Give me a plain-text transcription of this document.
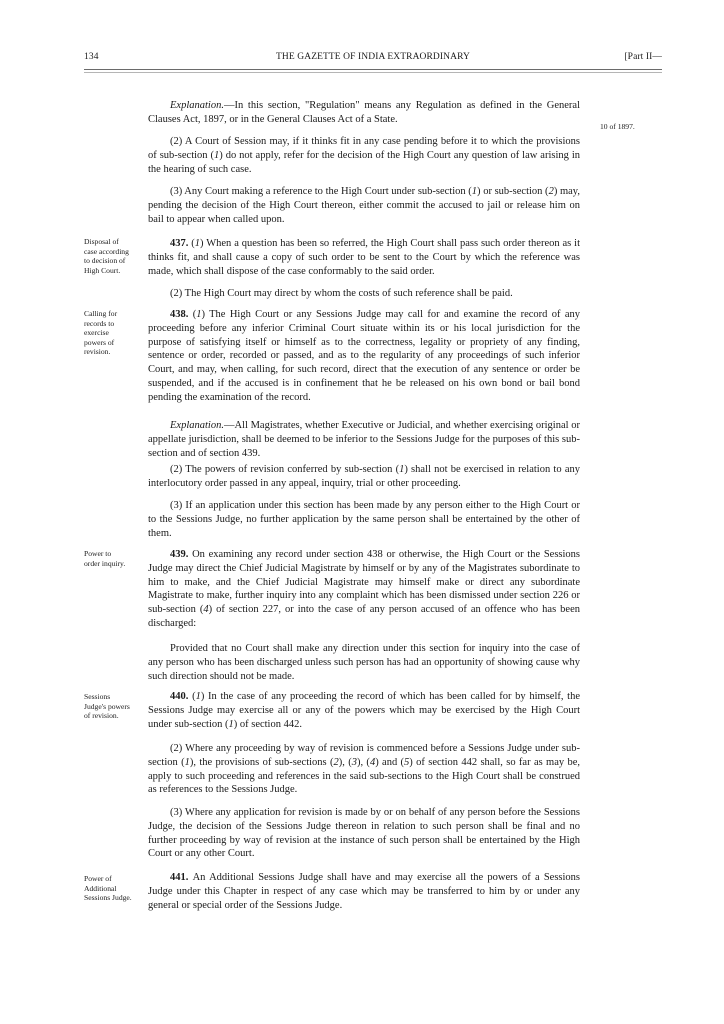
134	THE GAZETTE OF INDIA EXTRAORDINARY	[Part II—

10 of 1897.

Disposal of
case according
to decision of
High Court.

Calling for
records to
exercise
powers of
revision.

Power to
order inquiry.

Sessions
Judge's powers
of revision.

Power of
Additional
Sessions Judge.

Explanation.—In this section, "Regulation" means any Regulation as defined in the General Clauses Act, 1897, or in the General Clauses Act of a State.

(2) A Court of Session may, if it thinks fit in any case pending before it to which the provisions of sub-section (1) do not apply, refer for the decision of the High Court any question of law arising in the hearing of such case.

(3) Any Court making a reference to the High Court under sub-section (1) or sub-section (2) may, pending the decision of the High Court thereon, either commit the accused to jail or release him on bail to appear when called upon.

437. (1) When a question has been so referred, the High Court shall pass such order thereon as it thinks fit, and shall cause a copy of such order to be sent to the Court by which the reference was made, which shall dispose of the case conformably to the said order.

(2) The High Court may direct by whom the costs of such reference shall be paid.

438. (1) The High Court or any Sessions Judge may call for and examine the record of any proceeding before any inferior Criminal Court situate within its or his local jurisdiction for the purpose of satisfying itself or himself as to the correctness, legality or propriety of any finding, sentence or order, recorded or passed, and as to the regularity of any proceedings of such inferior Court, and may, when calling, for such record, direct that the execution of any sentence or order be suspended, and if the accused is in confinement that he be released on his own bond or bail bond pending the examination of the record.

Explanation.—All Magistrates, whether Executive or Judicial, and whether exercising original or appellate jurisdiction, shall be deemed to be inferior to the Sessions Judge for the purposes of this sub-section and of section 439.

(2) The powers of revision conferred by sub-section (1) shall not be exercised in relation to any interlocutory order passed in any appeal, inquiry, trial or other proceeding.

(3) If an application under this section has been made by any person either to the High Court or to the Sessions Judge, no further application by the same person shall be entertained by the other of them.

439. On examining any record under section 438 or otherwise, the High Court or the Sessions Judge may direct the Chief Judicial Magistrate by himself or by any of the Magistrates subordinate to him to make, and the Chief Judicial Magistrate may himself make or direct any subordinate Magistrate to make, further inquiry into any complaint which has been dismissed under section 226 or sub-section (4) of section 227, or into the case of any person accused of an offence who has been discharged:

Provided that no Court shall make any direction under this section for inquiry into the case of any person who has been discharged unless such person has had an opportunity of showing cause why such direction should not be made.

440. (1) In the case of any proceeding the record of which has been called for by himself, the Sessions Judge may exercise all or any of the powers which may be exercised by the High Court under sub-section (1) of section 442.

(2) Where any proceeding by way of revision is commenced before a Sessions Judge under sub-section (1), the provisions of sub-sections (2), (3), (4) and (5) of section 442 shall, so far as may be, apply to such proceeding and references in the said sub-sections to the High Court shall be construed as references to the Sessions Judge.

(3) Where any application for revision is made by or on behalf of any person before the Sessions Judge, the decision of the Sessions Judge thereon in relation to such person shall be final and no further proceeding by way of revision at the instance of such person shall be entertained by the High Court or any other Court.

441. An Additional Sessions Judge shall have and may exercise all the powers of a Sessions Judge under this Chapter in respect of any case which may be transferred to him by or under any general or special order of the Sessions Judge.
